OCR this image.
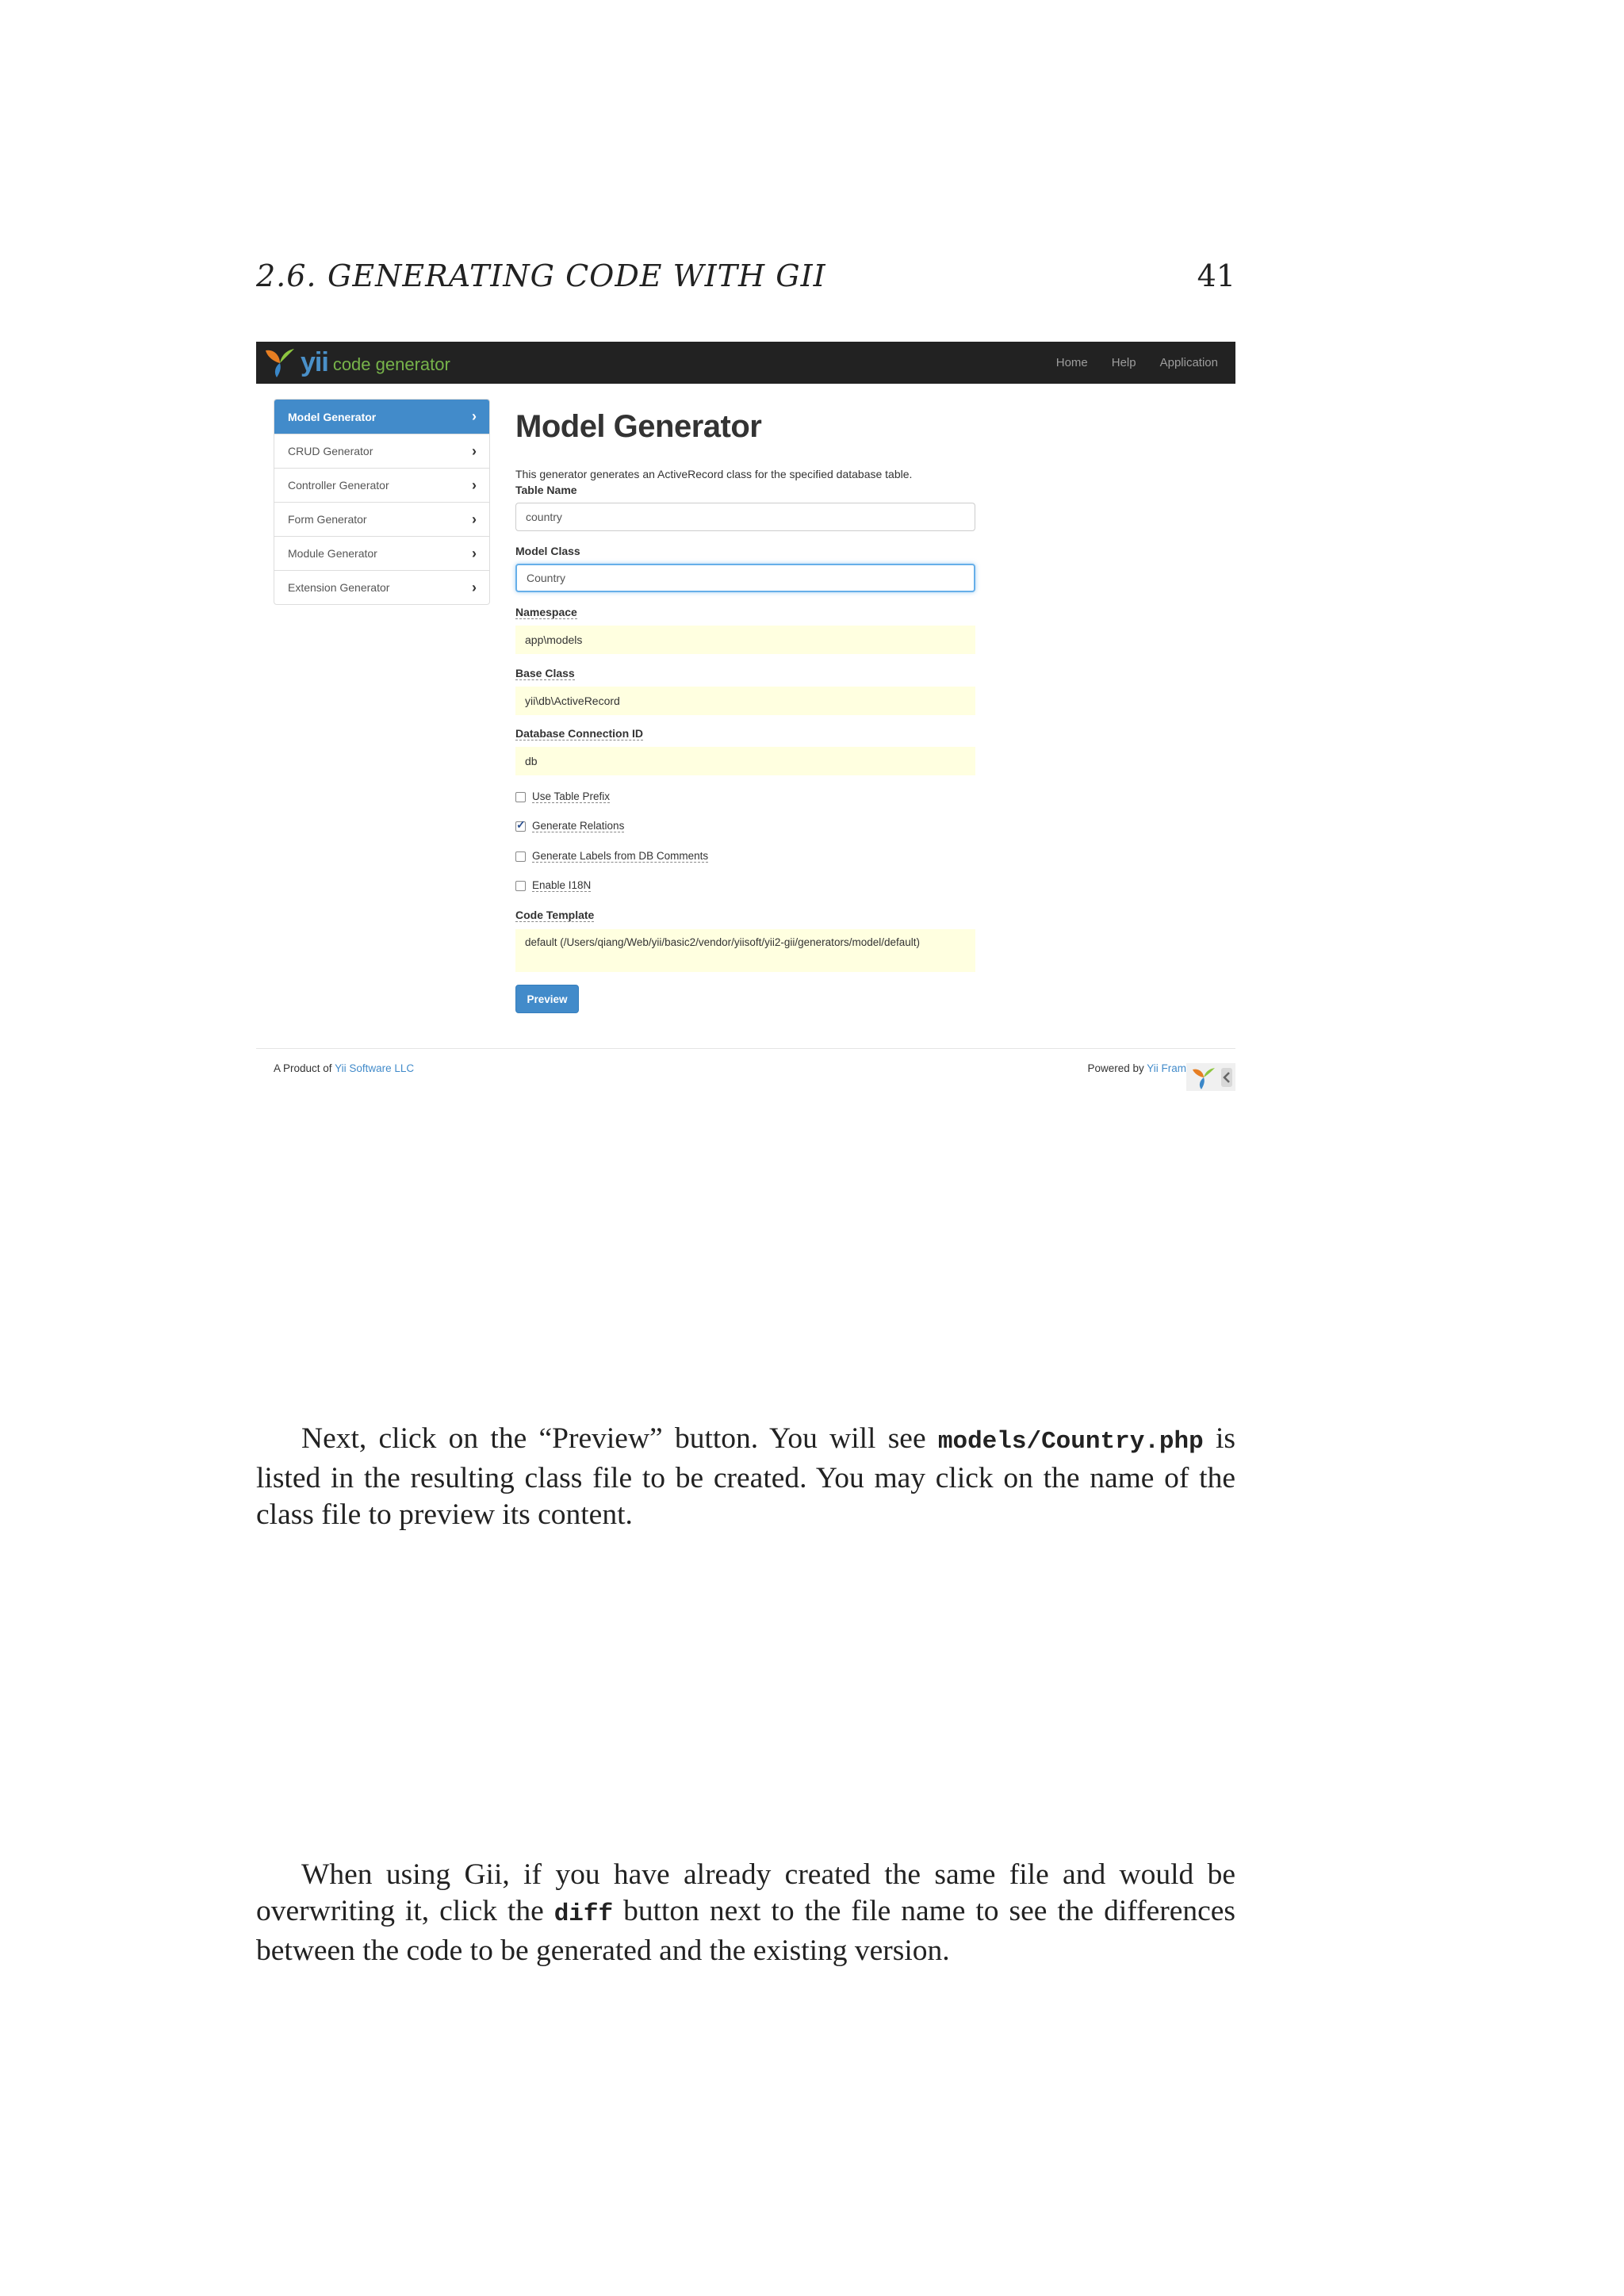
2.6. GENERATING CODE WITH GII	41
yii code generator	Home Help Application
Model Generator	›
CRUD Generator	›
Controller Generator	›
Form Generator	›
Module Generator	›
Extension Generator	›
Model Generator
This generator generates an ActiveRecord class for the specified database table.
Table Name
country
Model Class
Country
Namespace
app\models
Base Class
yii\db\ActiveRecord
Database Connection ID
db
Use Table Prefix
✓
Generate Relations
Generate Labels from DB Comments
Enable I18N
Code Template
default (/Users/qiang/Web/yii/basic2/vendor/yiisoft/yii2-gii/generators/model/default)
Preview
A Product of Yii Software LLC	Powered by Yii Fram
Next, click on the “Preview” button. You will see models/Country.php is listed in the resulting class file to be created. You may click on the name of the class file to preview its content.
When using Gii, if you have already created the same file and would be overwriting it, click the diff button next to the file name to see the differences between the code to be generated and the existing version.
